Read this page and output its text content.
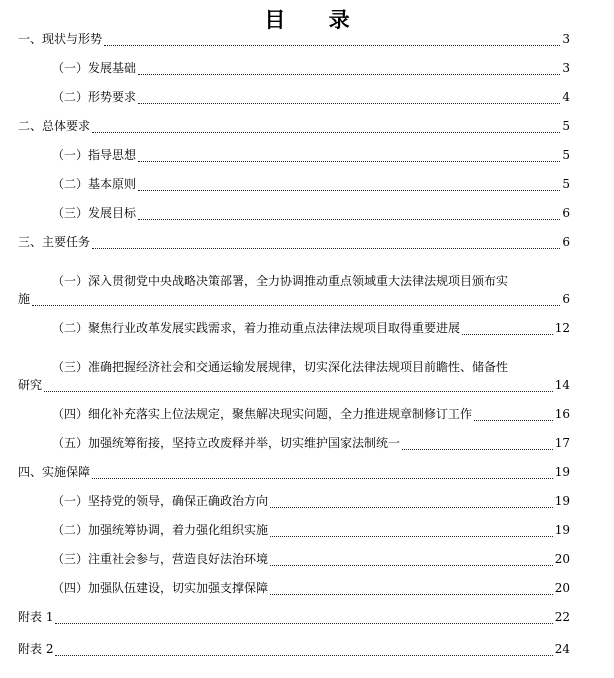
目 录
一、现状与形势	3
（一）发展基础	3
（二）形势要求	4
二、总体要求	5
（一）指导思想	5
（二）基本原则	5
（三）发展目标	6
三、主要任务	6
（一）深入贯彻党中央战略决策部署，全力协调推动重点领域重大法律法规项目颁布实
施	6
（二）聚焦行业改革发展实践需求，着力推动重点法律法规项目取得重要进展	12
（三）准确把握经济社会和交通运输发展规律，切实深化法律法规项目前瞻性、储备性
研究	14
（四）细化补充落实上位法规定，聚焦解决现实问题，全力推进规章制修订工作	16
（五）加强统筹衔接，坚持立改废释并举，切实维护国家法制统一	17
四、实施保障	19
（一）坚持党的领导，确保正确政治方向	19
（二）加强统筹协调，着力强化组织实施	19
（三）注重社会参与，营造良好法治环境	20
（四）加强队伍建设，切实加强支撑保障	20
附表 1	22
附表 2	24
